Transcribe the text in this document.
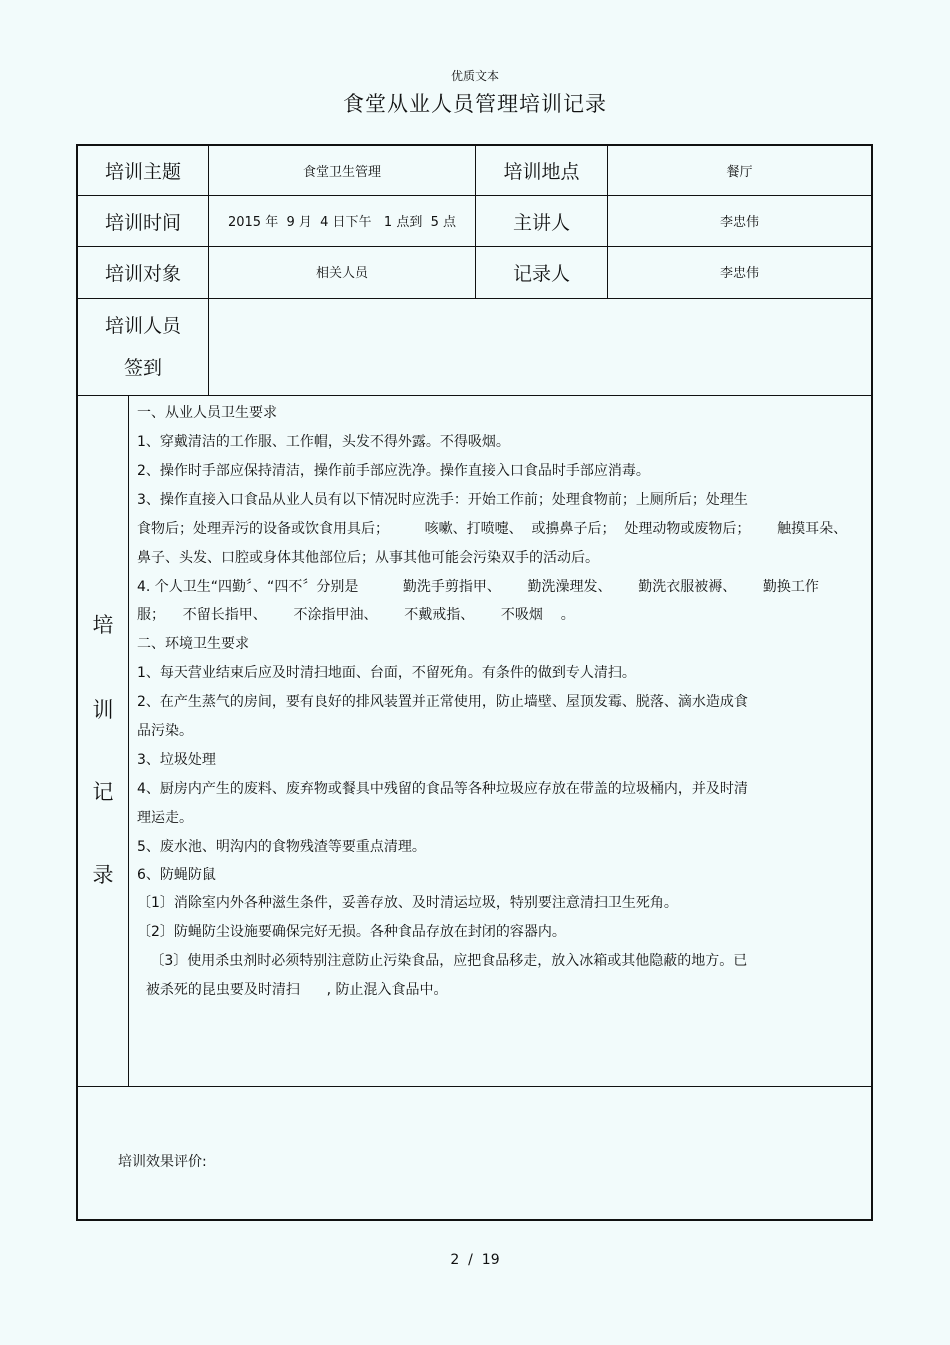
优质文本
食堂从业人员管理培训记录
培训主题	食堂卫生管理	培训地点	餐厅
培训时间	2015 年  9 月  4 日下午   1 点到  5 点	主讲人	李忠伟
培训对象	相关人员	记录人	李忠伟
培训人员
签到
培
训
记
录
一、从业人员卫生要求
1、穿戴清洁的工作服、工作帽，头发不得外露。不得吸烟。
2、操作时手部应保持清洁，操作前手部应洗净。操作直接入口食品时手部应消毒。
3、操作直接入口食品从业人员有以下情况时应洗手：开始工作前；处理食物前；上厕所后；处理生
食物后；处理弄污的设备或饮食用具后；        咳嗽、打喷嚏、  或擤鼻子后；  处理动物或废物后；      触摸耳朵、
鼻子、头发、口腔或身体其他部位后；从事其他可能会污染双手的活动后。
4. 个人卫生“四勤〞、“四不〞分别是          勤洗手剪指甲、      勤洗澡理发、      勤洗衣服被褥、      勤换工作
服；    不留长指甲、      不涂指甲油、      不戴戒指、      不吸烟    。
二、环境卫生要求
1、每天营业结束后应及时清扫地面、台面，不留死角。有条件的做到专人清扫。
2、在产生蒸气的房间，要有良好的排风装置并正常使用，防止墙壁、屋顶发霉、脱落、滴水造成食
品污染。
3、垃圾处理
4、厨房内产生的废料、废弃物或餐具中残留的食品等各种垃圾应存放在带盖的垃圾桶内，并及时清
理运走。
5、废水池、明沟内的食物残渣等要重点清理。
6、防蝇防鼠
〔1〕消除室内外各种滋生条件，妥善存放、及时清运垃圾，特别要注意清扫卫生死角。
〔2〕防蝇防尘设施要确保完好无损。各种食品存放在封闭的容器内。
〔3〕使用杀虫剂时必须特别注意防止污染食品，应把食品移走，放入冰箱或其他隐蔽的地方。已
被杀死的昆虫要及时清扫      , 防止混入食品中。
培训效果评价:
2  /  19
